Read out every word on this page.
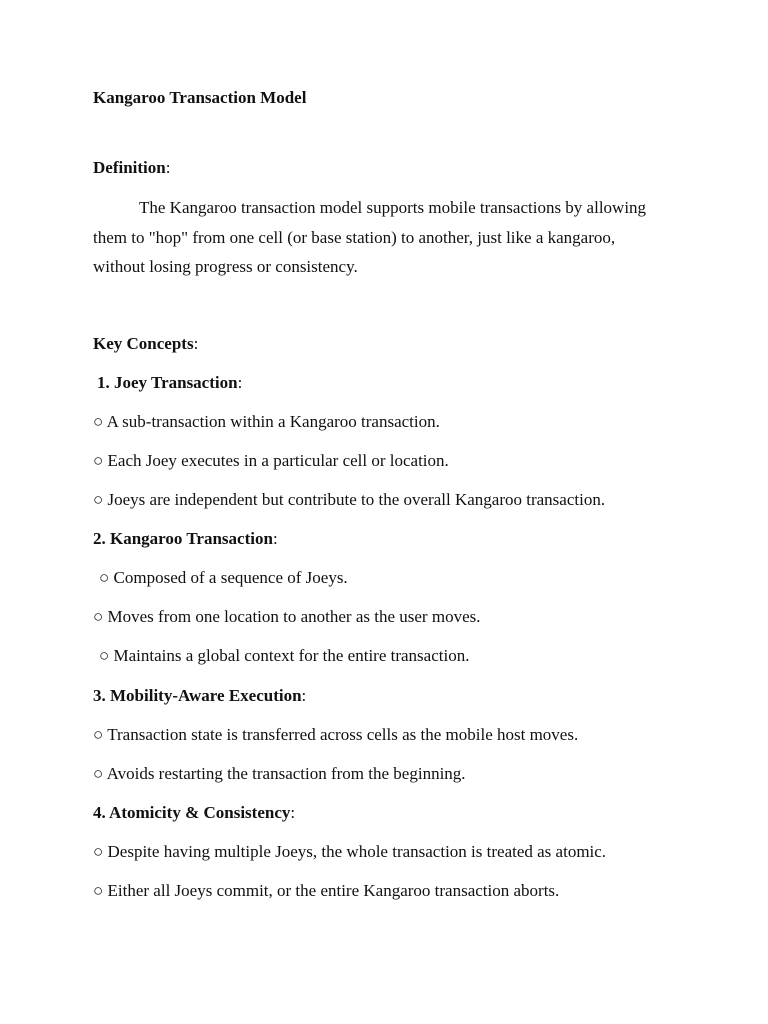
Kangaroo Transaction Model
Definition:
The Kangaroo transaction model supports mobile transactions by allowing them to "hop" from one cell (or base station) to another, just like a kangaroo, without losing progress or consistency.
Key Concepts:
1. Joey Transaction:
○ A sub-transaction within a Kangaroo transaction.
○ Each Joey executes in a particular cell or location.
○ Joeys are independent but contribute to the overall Kangaroo transaction.
2. Kangaroo Transaction:
○ Composed of a sequence of Joeys.
○ Moves from one location to another as the user moves.
○ Maintains a global context for the entire transaction.
3. Mobility-Aware Execution:
○ Transaction state is transferred across cells as the mobile host moves.
○ Avoids restarting the transaction from the beginning.
4. Atomicity & Consistency:
○ Despite having multiple Joeys, the whole transaction is treated as atomic.
○ Either all Joeys commit, or the entire Kangaroo transaction aborts.
